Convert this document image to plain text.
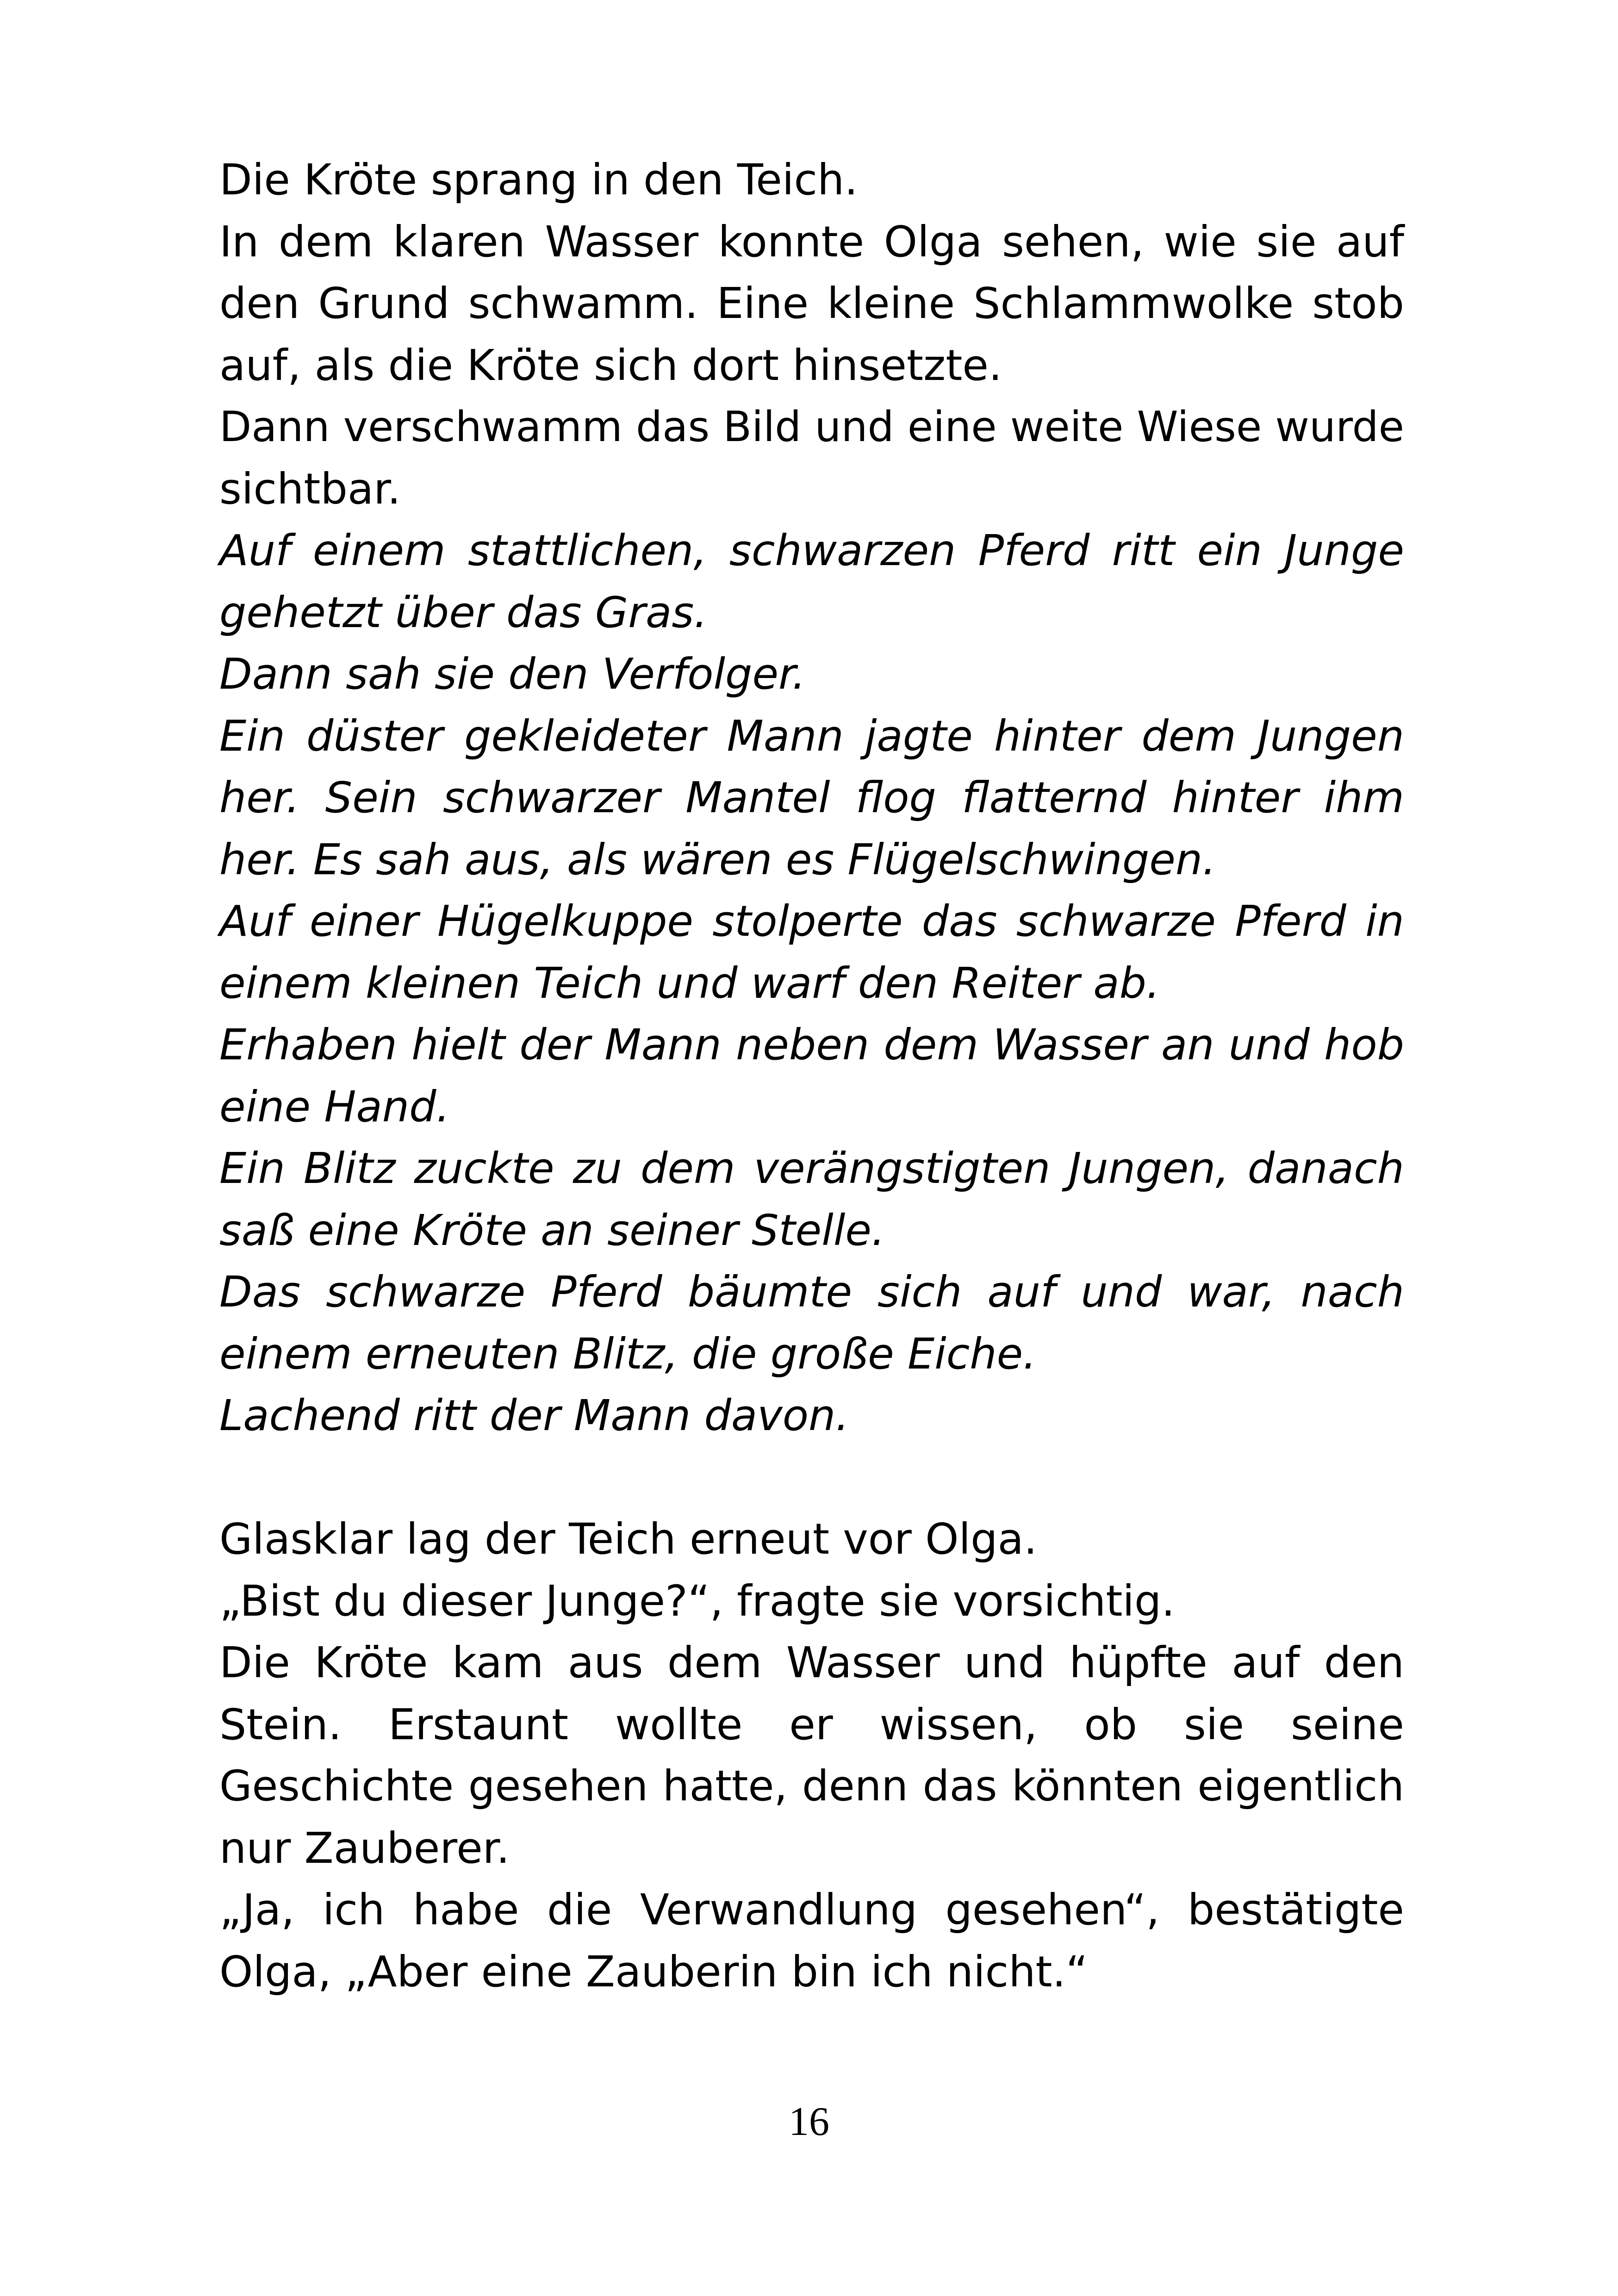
Die Kröte sprang in den Teich.
In dem klaren Wasser konnte Olga sehen, wie sie auf
den Grund schwamm. Eine kleine Schlammwolke stob
auf, als die Kröte sich dort hinsetzte.
Dann verschwamm das Bild und eine weite Wiese wurde
sichtbar.
Auf einem stattlichen, schwarzen Pferd ritt ein Junge
gehetzt über das Gras.
Dann sah sie den Verfolger.
Ein düster gekleideter Mann jagte hinter dem Jungen
her. Sein schwarzer Mantel flog flatternd hinter ihm
her. Es sah aus, als wären es Flügelschwingen.
Auf einer Hügelkuppe stolperte das schwarze Pferd in
einem kleinen Teich und warf den Reiter ab.
Erhaben hielt der Mann neben dem Wasser an und hob
eine Hand.
Ein Blitz zuckte zu dem verängstigten Jungen, danach
saß eine Kröte an seiner Stelle.
Das schwarze Pferd bäumte sich auf und war, nach
einem erneuten Blitz, die große Eiche.
Lachend ritt der Mann davon.
Glasklar lag der Teich erneut vor Olga.
„Bist du dieser Junge?“, fragte sie vorsichtig.
Die Kröte kam aus dem Wasser und hüpfte auf den
Stein. Erstaunt wollte er wissen, ob sie seine
Geschichte gesehen hatte, denn das könnten eigentlich
nur Zauberer.
„Ja, ich habe die Verwandlung gesehen“, bestätigte
Olga, „Aber eine Zauberin bin ich nicht.“
16
